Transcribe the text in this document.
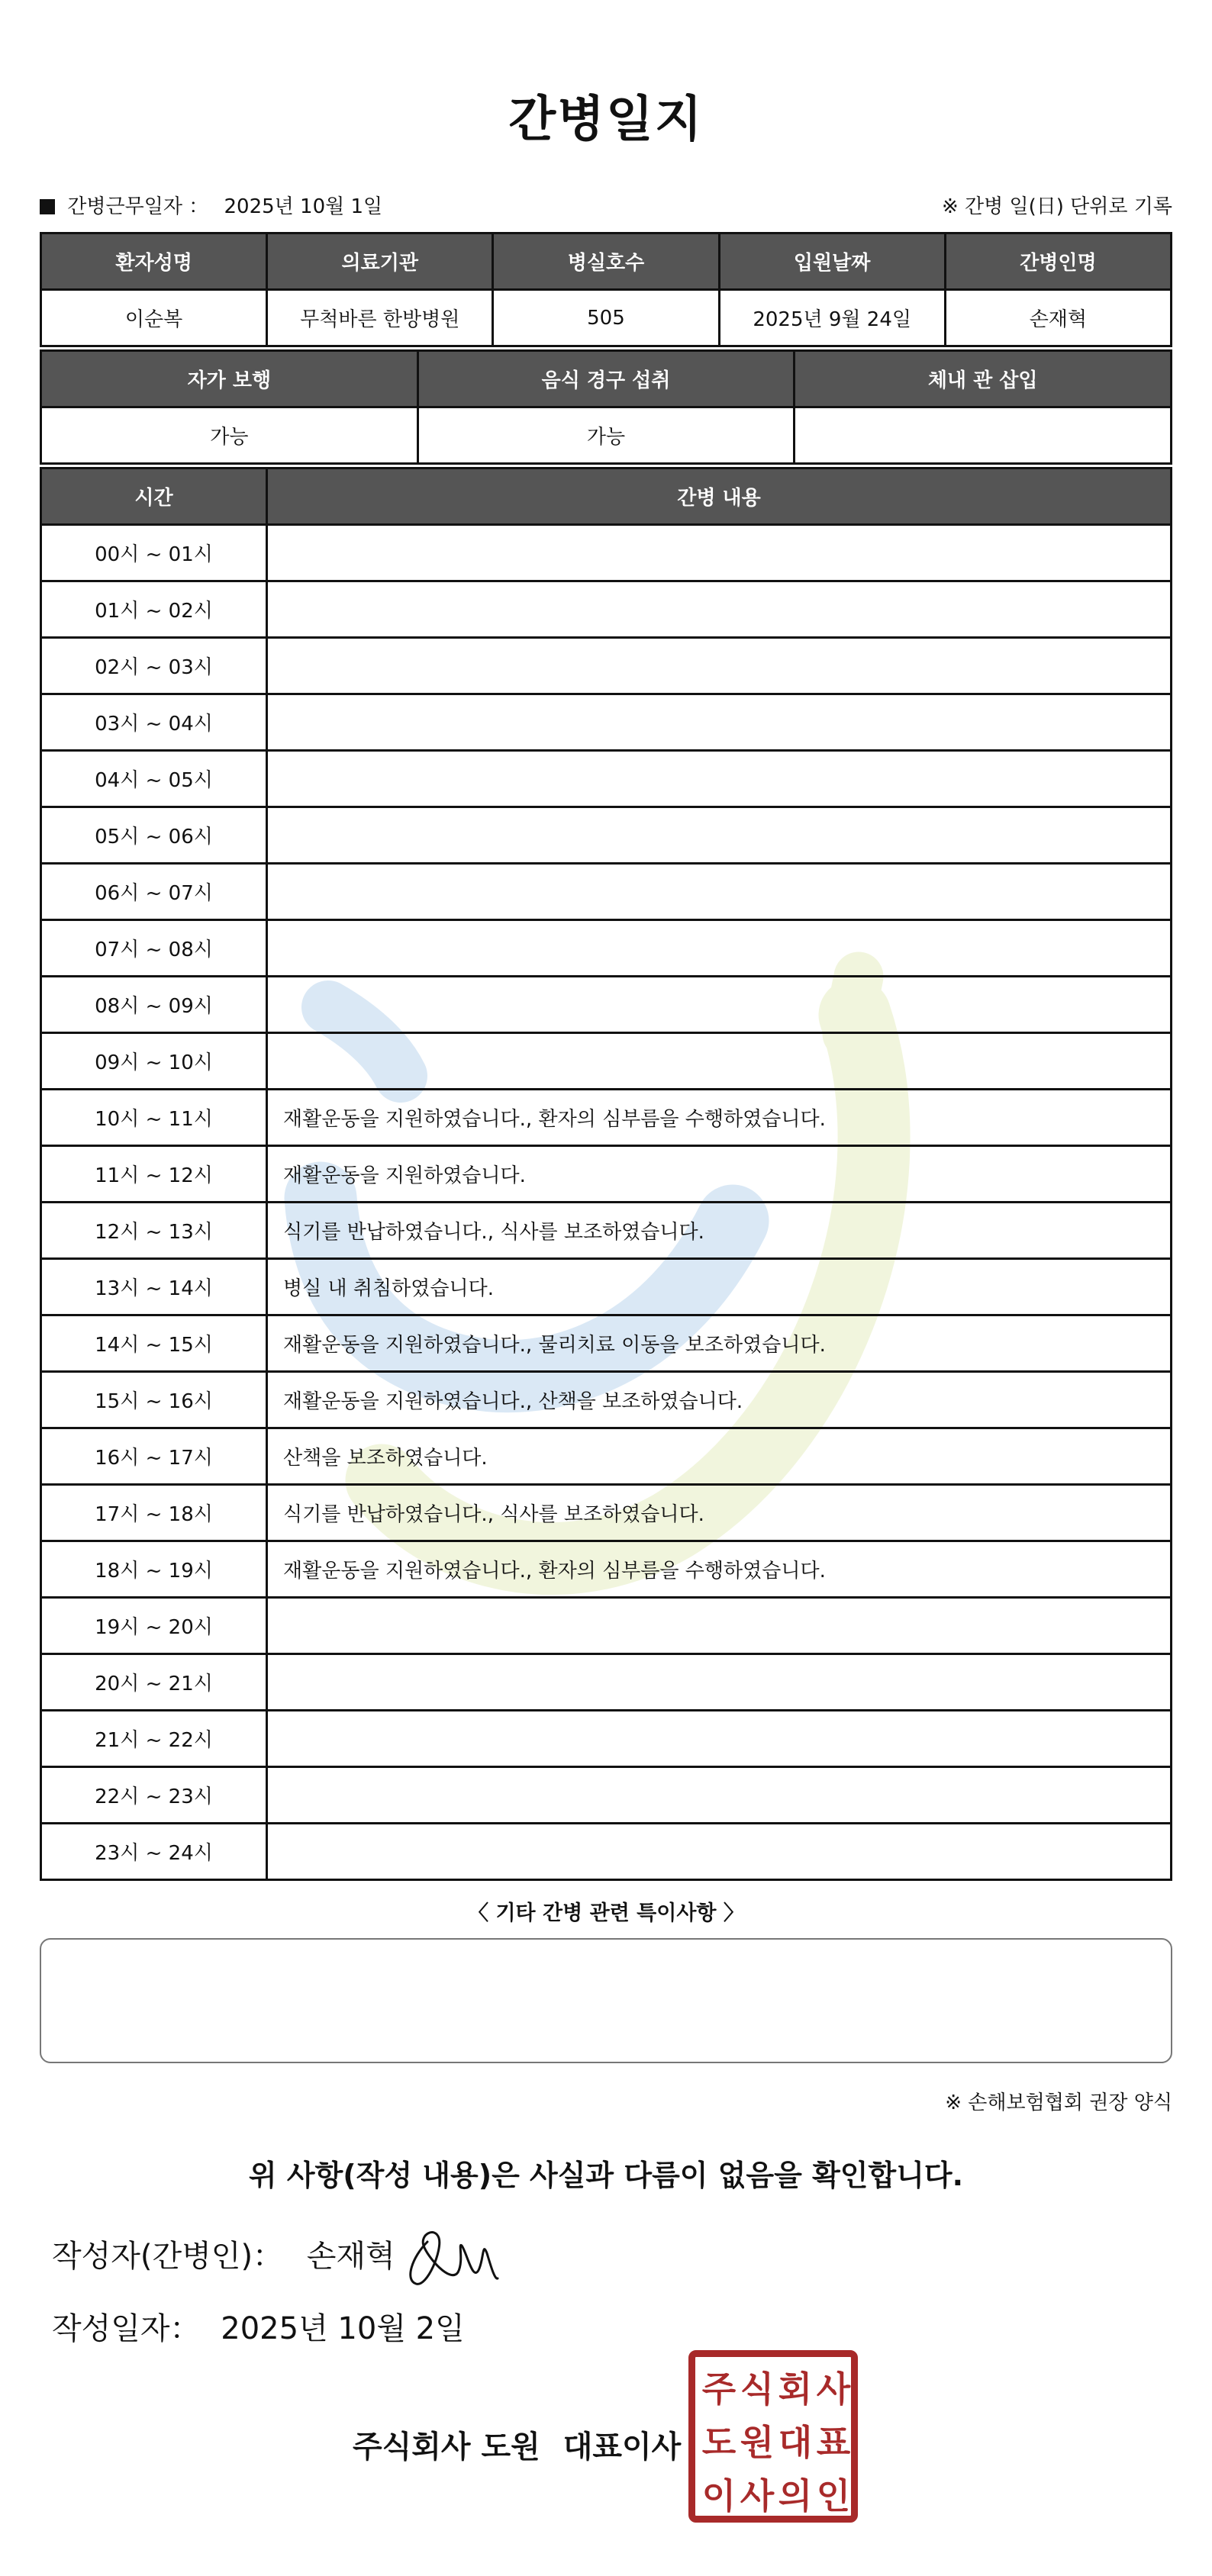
간병일지
간병근무일자 ： 2025년 10월 1일	※ 간병 일(日) 단위로 기록
환자성명	의료기관	병실호수	입원날짜	간병인명
이순복	무척바른 한방병원	505	2025년 9월 24일	손재혁
자가 보행	음식 경구 섭취	체내 관 삽입
가능	가능	
시간	간병 내용
00시 ~ 01시	
01시 ~ 02시	
02시 ~ 03시	
03시 ~ 04시	
04시 ~ 05시	
05시 ~ 06시	
06시 ~ 07시	
07시 ~ 08시	
08시 ~ 09시	
09시 ~ 10시	
10시 ~ 11시	재활운동을 지원하였습니다., 환자의 심부름을 수행하였습니다.
11시 ~ 12시	재활운동을 지원하였습니다.
12시 ~ 13시	식기를 반납하였습니다., 식사를 보조하였습니다.
13시 ~ 14시	병실 내 취침하였습니다.
14시 ~ 15시	재활운동을 지원하였습니다., 물리치료 이동을 보조하였습니다.
15시 ~ 16시	재활운동을 지원하였습니다., 산책을 보조하였습니다.
16시 ~ 17시	산책을 보조하였습니다.
17시 ~ 18시	식기를 반납하였습니다., 식사를 보조하였습니다.
18시 ~ 19시	재활운동을 지원하였습니다., 환자의 심부름을 수행하였습니다.
19시 ~ 20시	
20시 ~ 21시	
21시 ~ 22시	
22시 ~ 23시	
23시 ~ 24시	
〈 기타 간병 관련 특이사항 〉
※ 손해보험협회 권장 양식
위 사항(작성 내용)은 사실과 다름이 없음을 확인합니다.
작성자(간병인)： 손재혁
작성일자： 2025년 10월 2일
주식회사 도원 대표이사
주 식 회 사
도 원 대 표
이 사 의 인
